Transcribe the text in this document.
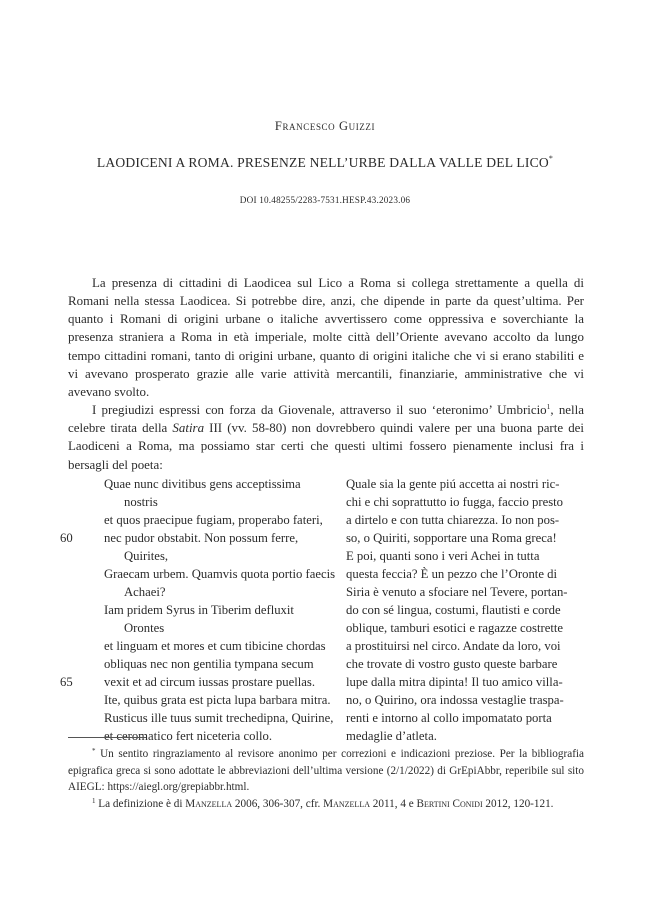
Francesco Guizzi
LAODICENI A ROMA. PRESENZE NELL’URBE DALLA VALLE DEL LICO*
DOI 10.48255/2283-7531.HESP.43.2023.06

La presenza di cittadini di Laodicea sul Lico a Roma si collega strettamente a quella di Romani nella stessa Laodicea. Si potrebbe dire, anzi, che dipende in parte da quest’ultima. Per quanto i Romani di origini urbane o italiche avvertissero come oppressiva e soverchiante la presenza straniera a Roma in età imperiale, molte città dell’Oriente avevano accolto da lungo tempo cittadini romani, tanto di origini urbane, quanto di origini italiche che vi si erano stabiliti e vi avevano prosperato grazie alle varie attività mercantili, finanziarie, amministrative che vi avevano svolto.

I pregiudizi espressi con forza da Giovenale, attraverso il suo ‘eteronimo’ Umbricio$^1$, nella celebre tirata della Satira III (vv. 58-80) non dovrebbero quindi valere per una buona parte dei Laodiceni a Roma, ma possiamo star certi che questi ultimi fossero pienamente inclusi fra i bersagli del poeta:

Quae nunc divitibus gens acceptissima
nostris
et quos praecipue fugiam, properabo fateri,
60	nec pudor obstabit. Non possum ferre,
Quirites,
Graecam urbem. Quamvis quota portio faecis
Achaei?
Iam pridem Syrus in Tiberim defluxit
Orontes
et linguam et mores et cum tibicine chordas
obliquas nec non gentilia tympana secum
65	vexit et ad circum iussas prostare puellas.
Ite, quibus grata est picta lupa barbara mitra.
Rusticus ille tuus sumit trechedipna, Quirine,
et ceromatico fert niceteria collo.
Quale sia la gente piú accetta ai nostri ric-
chi e chi soprattutto io fugga, faccio presto
a dirtelo e con tutta chiarezza. Io non pos-
so, o Quiriti, sopportare una Roma greca!
E poi, quanti sono i veri Achei in tutta
questa feccia? È un pezzo che l’Oronte di
Siria è venuto a sfociare nel Tevere, portan-
do con sé lingua, costumi, flautisti e corde
oblique, tamburi esotici e ragazze costrette
a prostituirsi nel circo. Andate da loro, voi
che trovate di vostro gusto queste barbare
lupe dalla mitra dipinta! Il tuo amico villa-
no, o Quirino, ora indossa vestaglie traspa-
renti e intorno al collo impomatato porta
medaglie d’atleta.

* Un sentito ringraziamento al revisore anonimo per correzioni e indicazioni preziose. Per la bibliografia epigrafica greca si sono adottate le abbreviazioni dell’ultima versione (2/1/2022) di GrEpiAbbr, reperibile sul sito AIEGL: https://aiegl.org/grepiabbr.html.

$^1$ La definizione è di Manzella 2006, 306-307, cfr. Manzella 2011, 4 e Bertini Conidi 2012, 120-121.
